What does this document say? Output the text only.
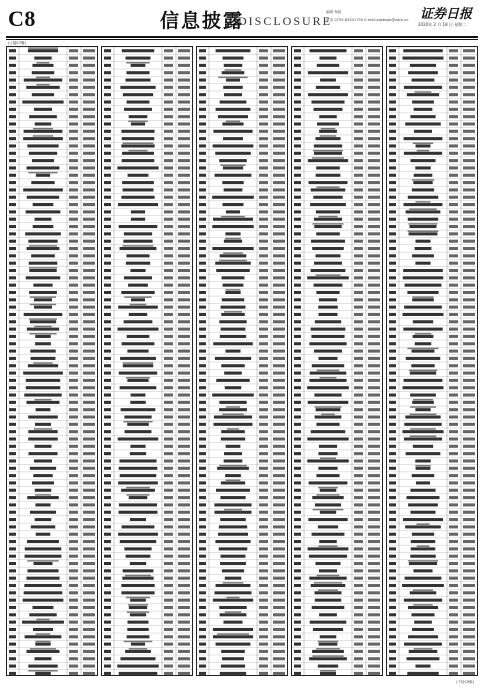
C8	信息披露
DISCLOSURE
编辑 杨凯
电话 0755-83501750 E-mail:zqsbspb@zqrb.cn 证券日报
2020年 2 月 18 日 星期二
(上接C7版)
(下转C9版)
